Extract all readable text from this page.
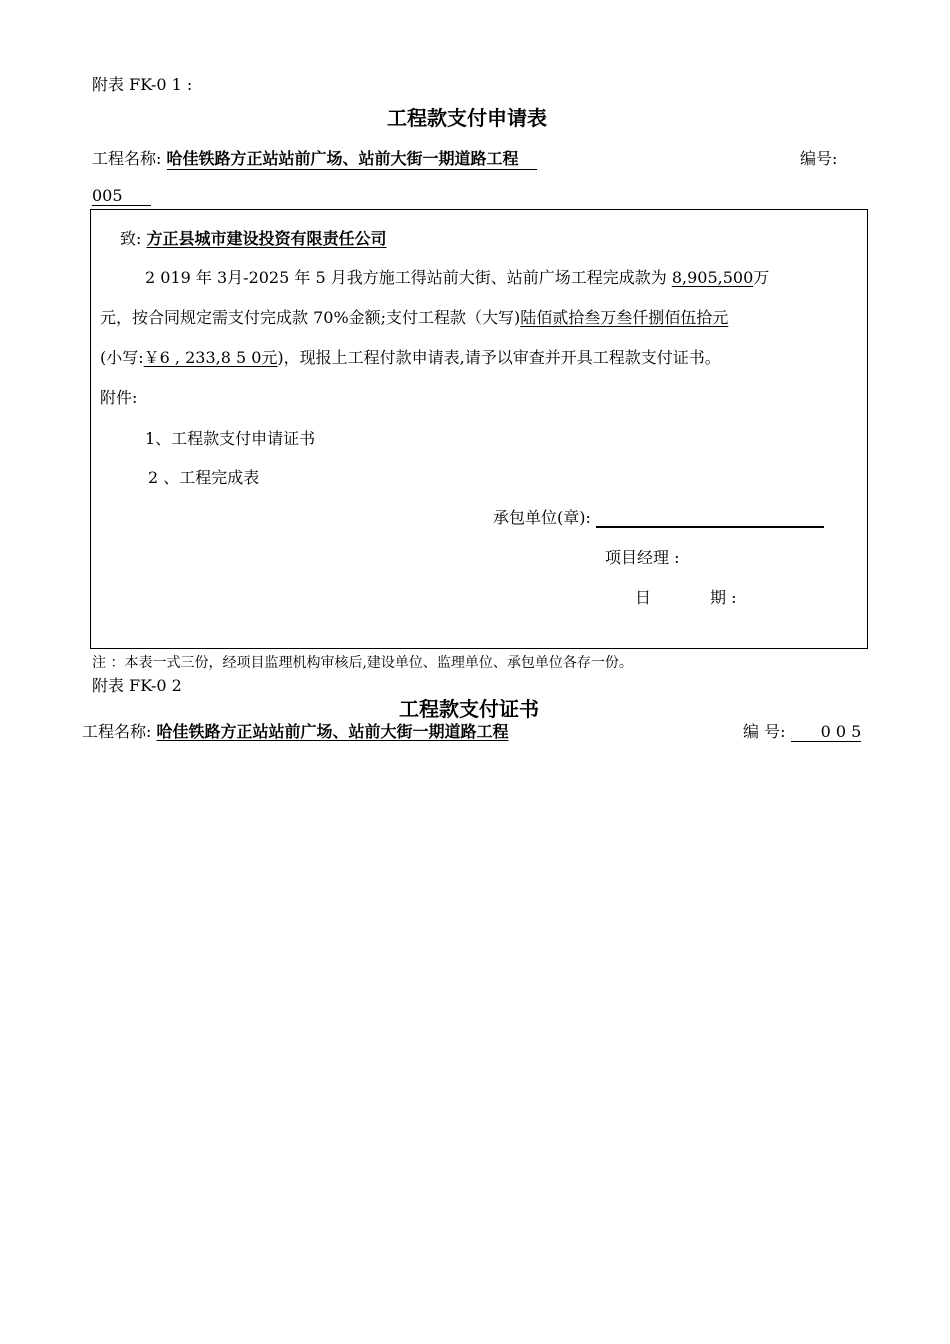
附表 FK-0 1 :
工程款支付申请表
工程名称: 哈佳铁路方正站站前广场、站前大街一期道路工程	编号:
005
致: 方正县城市建设投资有限责任公司
2 019 年 3月-2025 年 5 月我方施工得站前大街、站前广场工程完成款为 8,905,500万
元，按合同规定需支付完成款 70%金额;支付工程款（大写)陆佰贰拾叁万叁仟捌佰伍拾元
(小写:￥6 , 233,8 5 0元)，现报上工程付款申请表,请予以审查并开具工程款支付证书。
附件:
1、工程款支付申请证书
2 、工程完成表
承包单位(章):
项目经理 :
日	期 :
注 ：本表一式三份，经项目监理机构审核后,建设单位、监理单位、承包单位各存一份。
附表 FK-0 2
工程款支付证书
工程名称: 哈佳铁路方正站站前广场、站前大街一期道路工程	编 号: 0 0 5
